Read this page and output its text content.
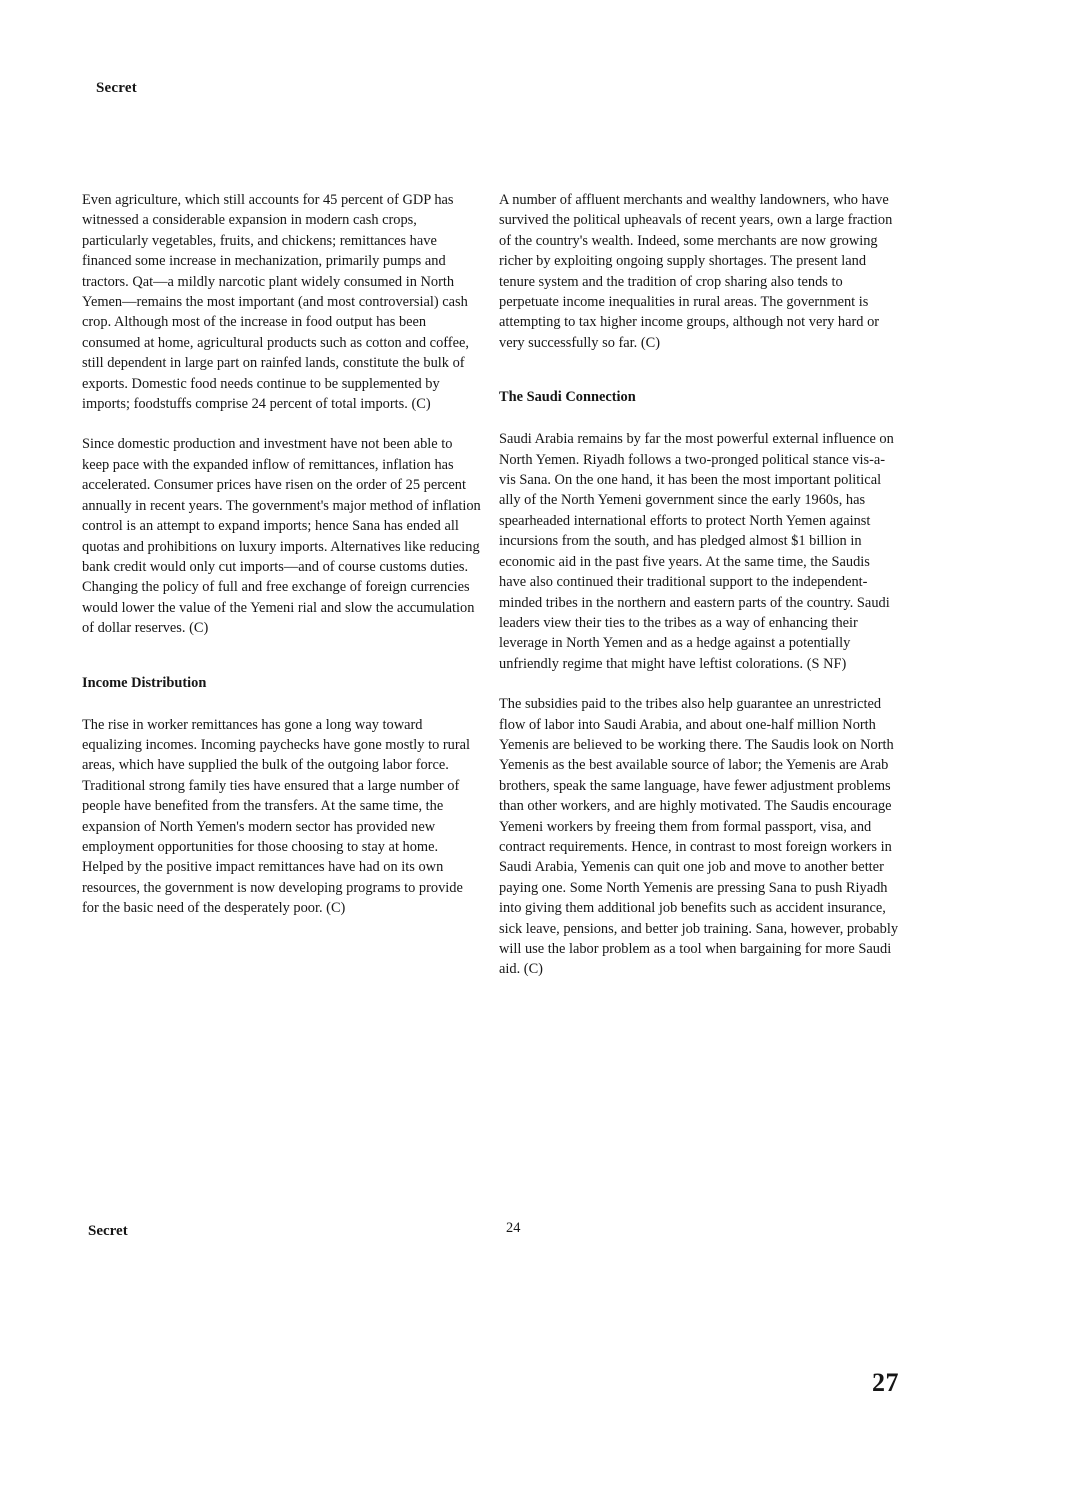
Secret

Even agriculture, which still accounts for 45 percent of GDP has witnessed a considerable expansion in modern cash crops, particularly vegetables, fruits, and chickens; remittances have financed some increase in mechanization, primarily pumps and tractors. Qat—a mildly narcotic plant widely consumed in North Yemen—remains the most important (and most controversial) cash crop. Although most of the increase in food output has been consumed at home, agricultural products such as cotton and coffee, still dependent in large part on rainfed lands, constitute the bulk of exports. Domestic food needs continue to be supplemented by imports; foodstuffs comprise 24 percent of total imports. (C)

Since domestic production and investment have not been able to keep pace with the expanded inflow of remittances, inflation has accelerated. Consumer prices have risen on the order of 25 percent annually in recent years. The government's major method of inflation control is an attempt to expand imports; hence Sana has ended all quotas and prohibitions on luxury imports. Alternatives like reducing bank credit would only cut imports—and of course customs duties. Changing the policy of full and free exchange of foreign currencies would lower the value of the Yemeni rial and slow the accumulation of dollar reserves. (C)

Income Distribution

The rise in worker remittances has gone a long way toward equalizing incomes. Incoming paychecks have gone mostly to rural areas, which have supplied the bulk of the outgoing labor force. Traditional strong family ties have ensured that a large number of people have benefited from the transfers. At the same time, the expansion of North Yemen's modern sector has provided new employment opportunities for those choosing to stay at home. Helped by the positive impact remittances have had on its own resources, the government is now developing programs to provide for the basic need of the desperately poor. (C)

A number of affluent merchants and wealthy landowners, who have survived the political upheavals of recent years, own a large fraction of the country's wealth. Indeed, some merchants are now growing richer by exploiting ongoing supply shortages. The present land tenure system and the tradition of crop sharing also tends to perpetuate income inequalities in rural areas. The government is attempting to tax higher income groups, although not very hard or very successfully so far. (C)

The Saudi Connection

Saudi Arabia remains by far the most powerful external influence on North Yemen. Riyadh follows a two-pronged political stance vis-a-vis Sana. On the one hand, it has been the most important political ally of the North Yemeni government since the early 1960s, has spearheaded international efforts to protect North Yemen against incursions from the south, and has pledged almost $1 billion in economic aid in the past five years. At the same time, the Saudis have also continued their traditional support to the independent-minded tribes in the northern and eastern parts of the country. Saudi leaders view their ties to the tribes as a way of enhancing their leverage in North Yemen and as a hedge against a potentially unfriendly regime that might have leftist colorations. (S NF)

The subsidies paid to the tribes also help guarantee an unrestricted flow of labor into Saudi Arabia, and about one-half million North Yemenis are believed to be working there. The Saudis look on North Yemenis as the best available source of labor; the Yemenis are Arab brothers, speak the same language, have fewer adjustment problems than other workers, and are highly motivated. The Saudis encourage Yemeni workers by freeing them from formal passport, visa, and contract requirements. Hence, in contrast to most foreign workers in Saudi Arabia, Yemenis can quit one job and move to another better paying one. Some North Yemenis are pressing Sana to push Riyadh into giving them additional job benefits such as accident insurance, sick leave, pensions, and better job training. Sana, however, probably will use the labor problem as a tool when bargaining for more Saudi aid. (C)

Secret	24
27
